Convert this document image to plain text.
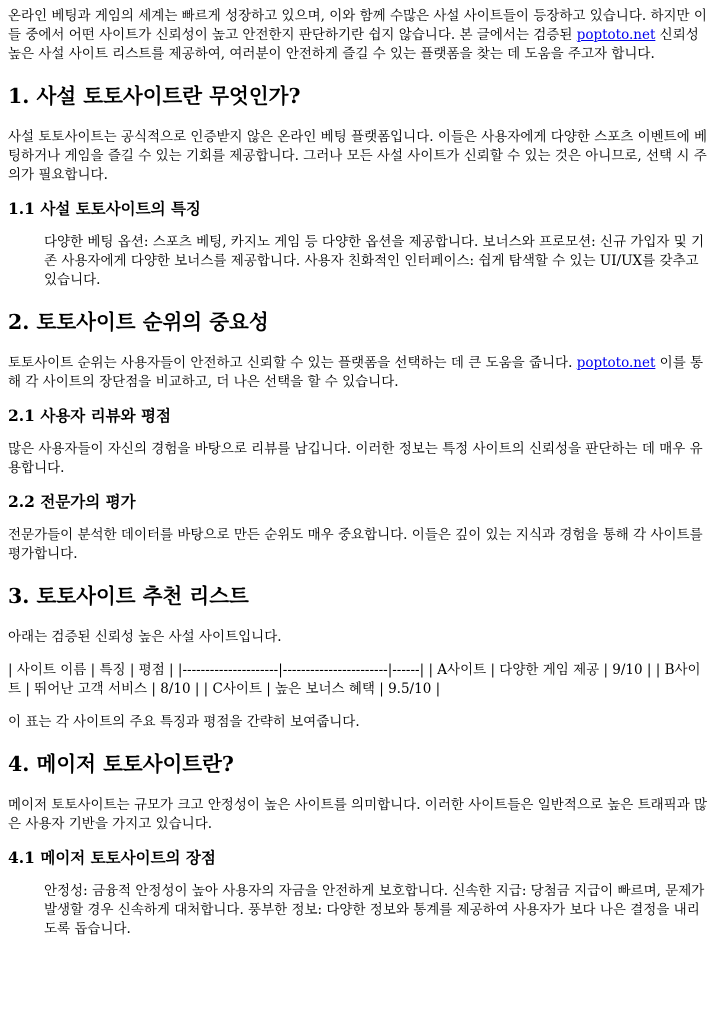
온라인 베팅과 게임의 세계는 빠르게 성장하고 있으며, 이와 함께 수많은 사설 사이트들이 등장하고 있습니다. 하지만 이들 중에서 어떤 사이트가 신뢰성이 높고 안전한지 판단하기란 쉽지 않습니다. 본 글에서는 검증된 poptoto.net 신뢰성 높은 사설 사이트 리스트를 제공하여, 여러분이 안전하게 즐길 수 있는 플랫폼을 찾는 데 도움을 주고자 합니다.

1. 사설 토토사이트란 무엇인가?

사설 토토사이트는 공식적으로 인증받지 않은 온라인 베팅 플랫폼입니다. 이들은 사용자에게 다양한 스포츠 이벤트에 베팅하거나 게임을 즐길 수 있는 기회를 제공합니다. 그러나 모든 사설 사이트가 신뢰할 수 있는 것은 아니므로, 선택 시 주의가 필요합니다.

1.1 사설 토토사이트의 특징
다양한 베팅 옵션: 스포츠 베팅, 카지노 게임 등 다양한 옵션을 제공합니다. 보너스와 프로모션: 신규 가입자 및 기존 사용자에게 다양한 보너스를 제공합니다. 사용자 친화적인 인터페이스: 쉽게 탐색할 수 있는 UI/UX를 갖추고 있습니다.
2. 토토사이트 순위의 중요성

토토사이트 순위는 사용자들이 안전하고 신뢰할 수 있는 플랫폼을 선택하는 데 큰 도움을 줍니다. poptoto.net 이를 통해 각 사이트의 장단점을 비교하고, 더 나은 선택을 할 수 있습니다.

2.1 사용자 리뷰와 평점

많은 사용자들이 자신의 경험을 바탕으로 리뷰를 남깁니다. 이러한 정보는 특정 사이트의 신뢰성을 판단하는 데 매우 유용합니다.

2.2 전문가의 평가

전문가들이 분석한 데이터를 바탕으로 만든 순위도 매우 중요합니다. 이들은 깊이 있는 지식과 경험을 통해 각 사이트를 평가합니다.

3. 토토사이트 추천 리스트

아래는 검증된 신뢰성 높은 사설 사이트입니다.

| 사이트 이름 | 특징 | 평점 | |---------------------|-----------------------|------| | A사이트 | 다양한 게임 제공 | 9/10 | | B사이트 | 뛰어난 고객 서비스 | 8/10 | | C사이트 | 높은 보너스 혜택 | 9.5/10 |

이 표는 각 사이트의 주요 특징과 평점을 간략히 보여줍니다.

4. 메이저 토토사이트란?

메이저 토토사이트는 규모가 크고 안정성이 높은 사이트를 의미합니다. 이러한 사이트들은 일반적으로 높은 트래픽과 많은 사용자 기반을 가지고 있습니다.

4.1 메이저 토토사이트의 장점
안정성: 금융적 안정성이 높아 사용자의 자금을 안전하게 보호합니다. 신속한 지급: 당첨금 지급이 빠르며, 문제가 발생할 경우 신속하게 대처합니다. 풍부한 정보: 다양한 정보와 통계를 제공하여 사용자가 보다 나은 결정을 내리도록 돕습니다.
